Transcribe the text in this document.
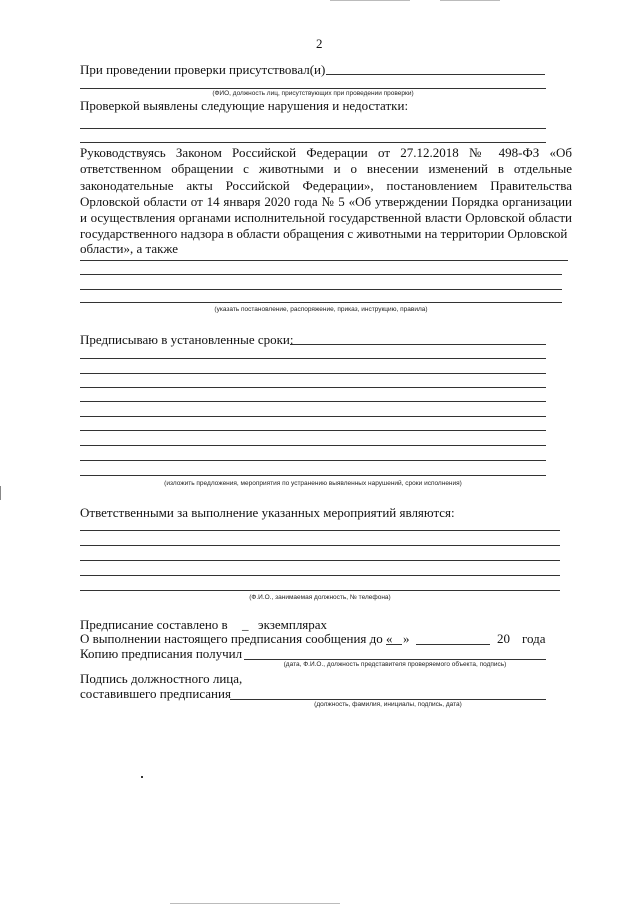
2
При проведении проверки присутствовал(и)
(ФИО, должность лиц, присутствующих при проведении проверки)
Проверкой выявлены следующие нарушения и недостатки:
Руководствуясь Законом Российской Федерации от 27.12.2018 № 498-ФЗ «Об ответственном обращении с животными и о внесении изменений в отдельные законодательные акты Российской Федерации», постановлением Правительства Орловской области от 14 января 2020 года № 5 «Об утверждении Порядка организации и осуществления органами исполнительной государственной власти Орловской области государственного надзора в области обращения с животными на территории Орловской
области», а также
(указать постановление, распоряжение, приказ, инструкцию, правила)
Предписываю в установленные сроки:
(изложить предложения, мероприятия по устранению выявленных нарушений, сроки исполнения)
Ответственными за выполнение указанных мероприятий являются:
(Ф.И.О., занимаемая должность, № телефона)
Предписание составлено в _ экземплярах
О выполнении настоящего предписания сообщения до « »	20 года
Копию предписания получил
(дата, Ф.И.О., должность представителя проверяемого объекта, подпись)
Подпись должностного лица,
составившего предписания
(должность, фамилия, инициалы, подпись, дата)
